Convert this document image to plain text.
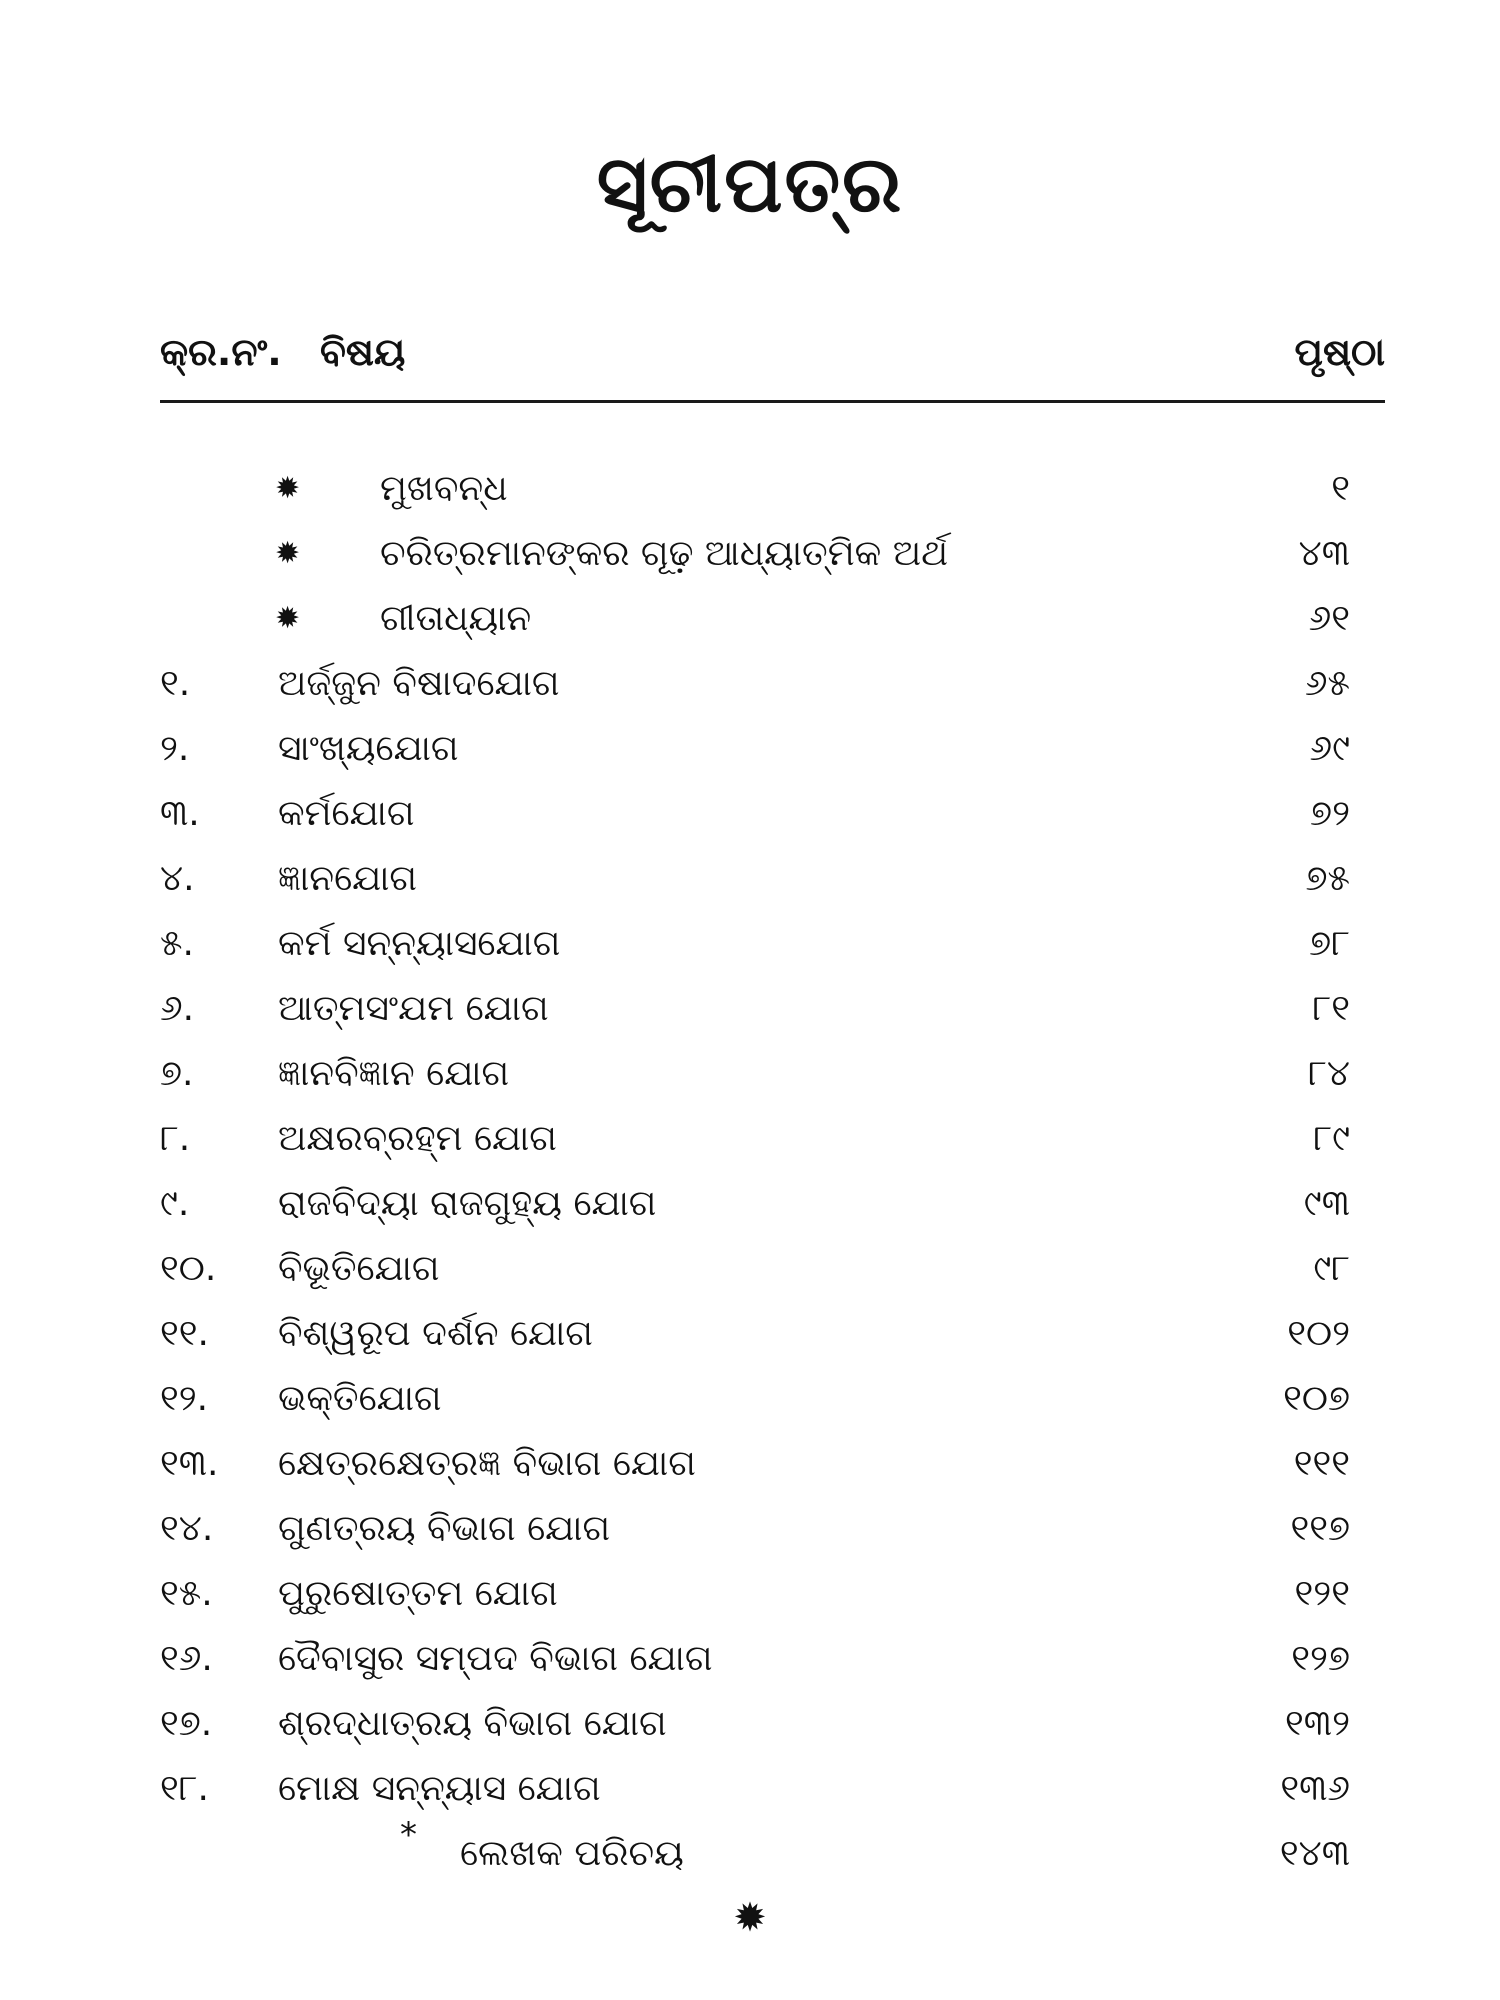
ସୂଚୀପତ୍ର
କ୍ର.ନଂ. ବିଷୟ	ପୃଷ୍ଠା
✹ ମୁଖବନ୍ଧ	୧
✹ ଚରିତ୍ରମାନଙ୍କର ଗୂଢ଼ ଆଧ୍ୟାତ୍ମିକ ଅର୍ଥ	୪୩
✹ ଗୀତାଧ୍ୟାନ	୬୧
୧. ଅର୍ଜ୍ଜୁନ ବିଷାଦଯୋଗ	୬୫
୨. ସାଂଖ୍ୟଯୋଗ	୬୯
୩. କର୍ମଯୋଗ	୭୨
୪. ଜ୍ଞାନଯୋଗ	୭୫
୫. କର୍ମ ସନ୍ନ୍ୟାସଯୋଗ	୭୮
୬. ଆତ୍ମସଂଯମ ଯୋଗ	୮୧
୭. ଜ୍ଞାନବିଜ୍ଞାନ ଯୋଗ	୮୪
୮. ଅକ୍ଷରବ୍ରହ୍ମ ଯୋଗ	୮୯
୯. ରାଜବିଦ୍ୟା ରାଜଗୁହ୍ୟ ଯୋଗ	୯୩
୧୦. ବିଭୂତିଯୋଗ	୯୮
୧୧. ବିଶ୍ୱରୂପ ଦର୍ଶନ ଯୋଗ	୧୦୨
୧୨. ଭକ୍ତିଯୋଗ	୧୦୭
୧୩. କ୍ଷେତ୍ରକ୍ଷେତ୍ରଜ୍ଞ ବିଭାଗ ଯୋଗ	୧୧୧
୧୪. ଗୁଣତ୍ରୟ ବିଭାଗ ଯୋଗ	୧୧୭
୧୫. ପୁରୁଷୋତ୍ତମ ଯୋଗ	୧୨୧
୧୬. ଦୈବାସୁର ସମ୍ପଦ ବିଭାଗ ଯୋଗ	୧୨୭
୧୭. ଶ୍ରଦ୍ଧାତ୍ରୟ ବିଭାଗ ଯୋଗ	୧୩୨
୧୮. ମୋକ୍ଷ ସନ୍ନ୍ୟାସ ଯୋଗ	୧୩୬
* ଲେଖକ ପରିଚୟ	୧୪୩
✹
